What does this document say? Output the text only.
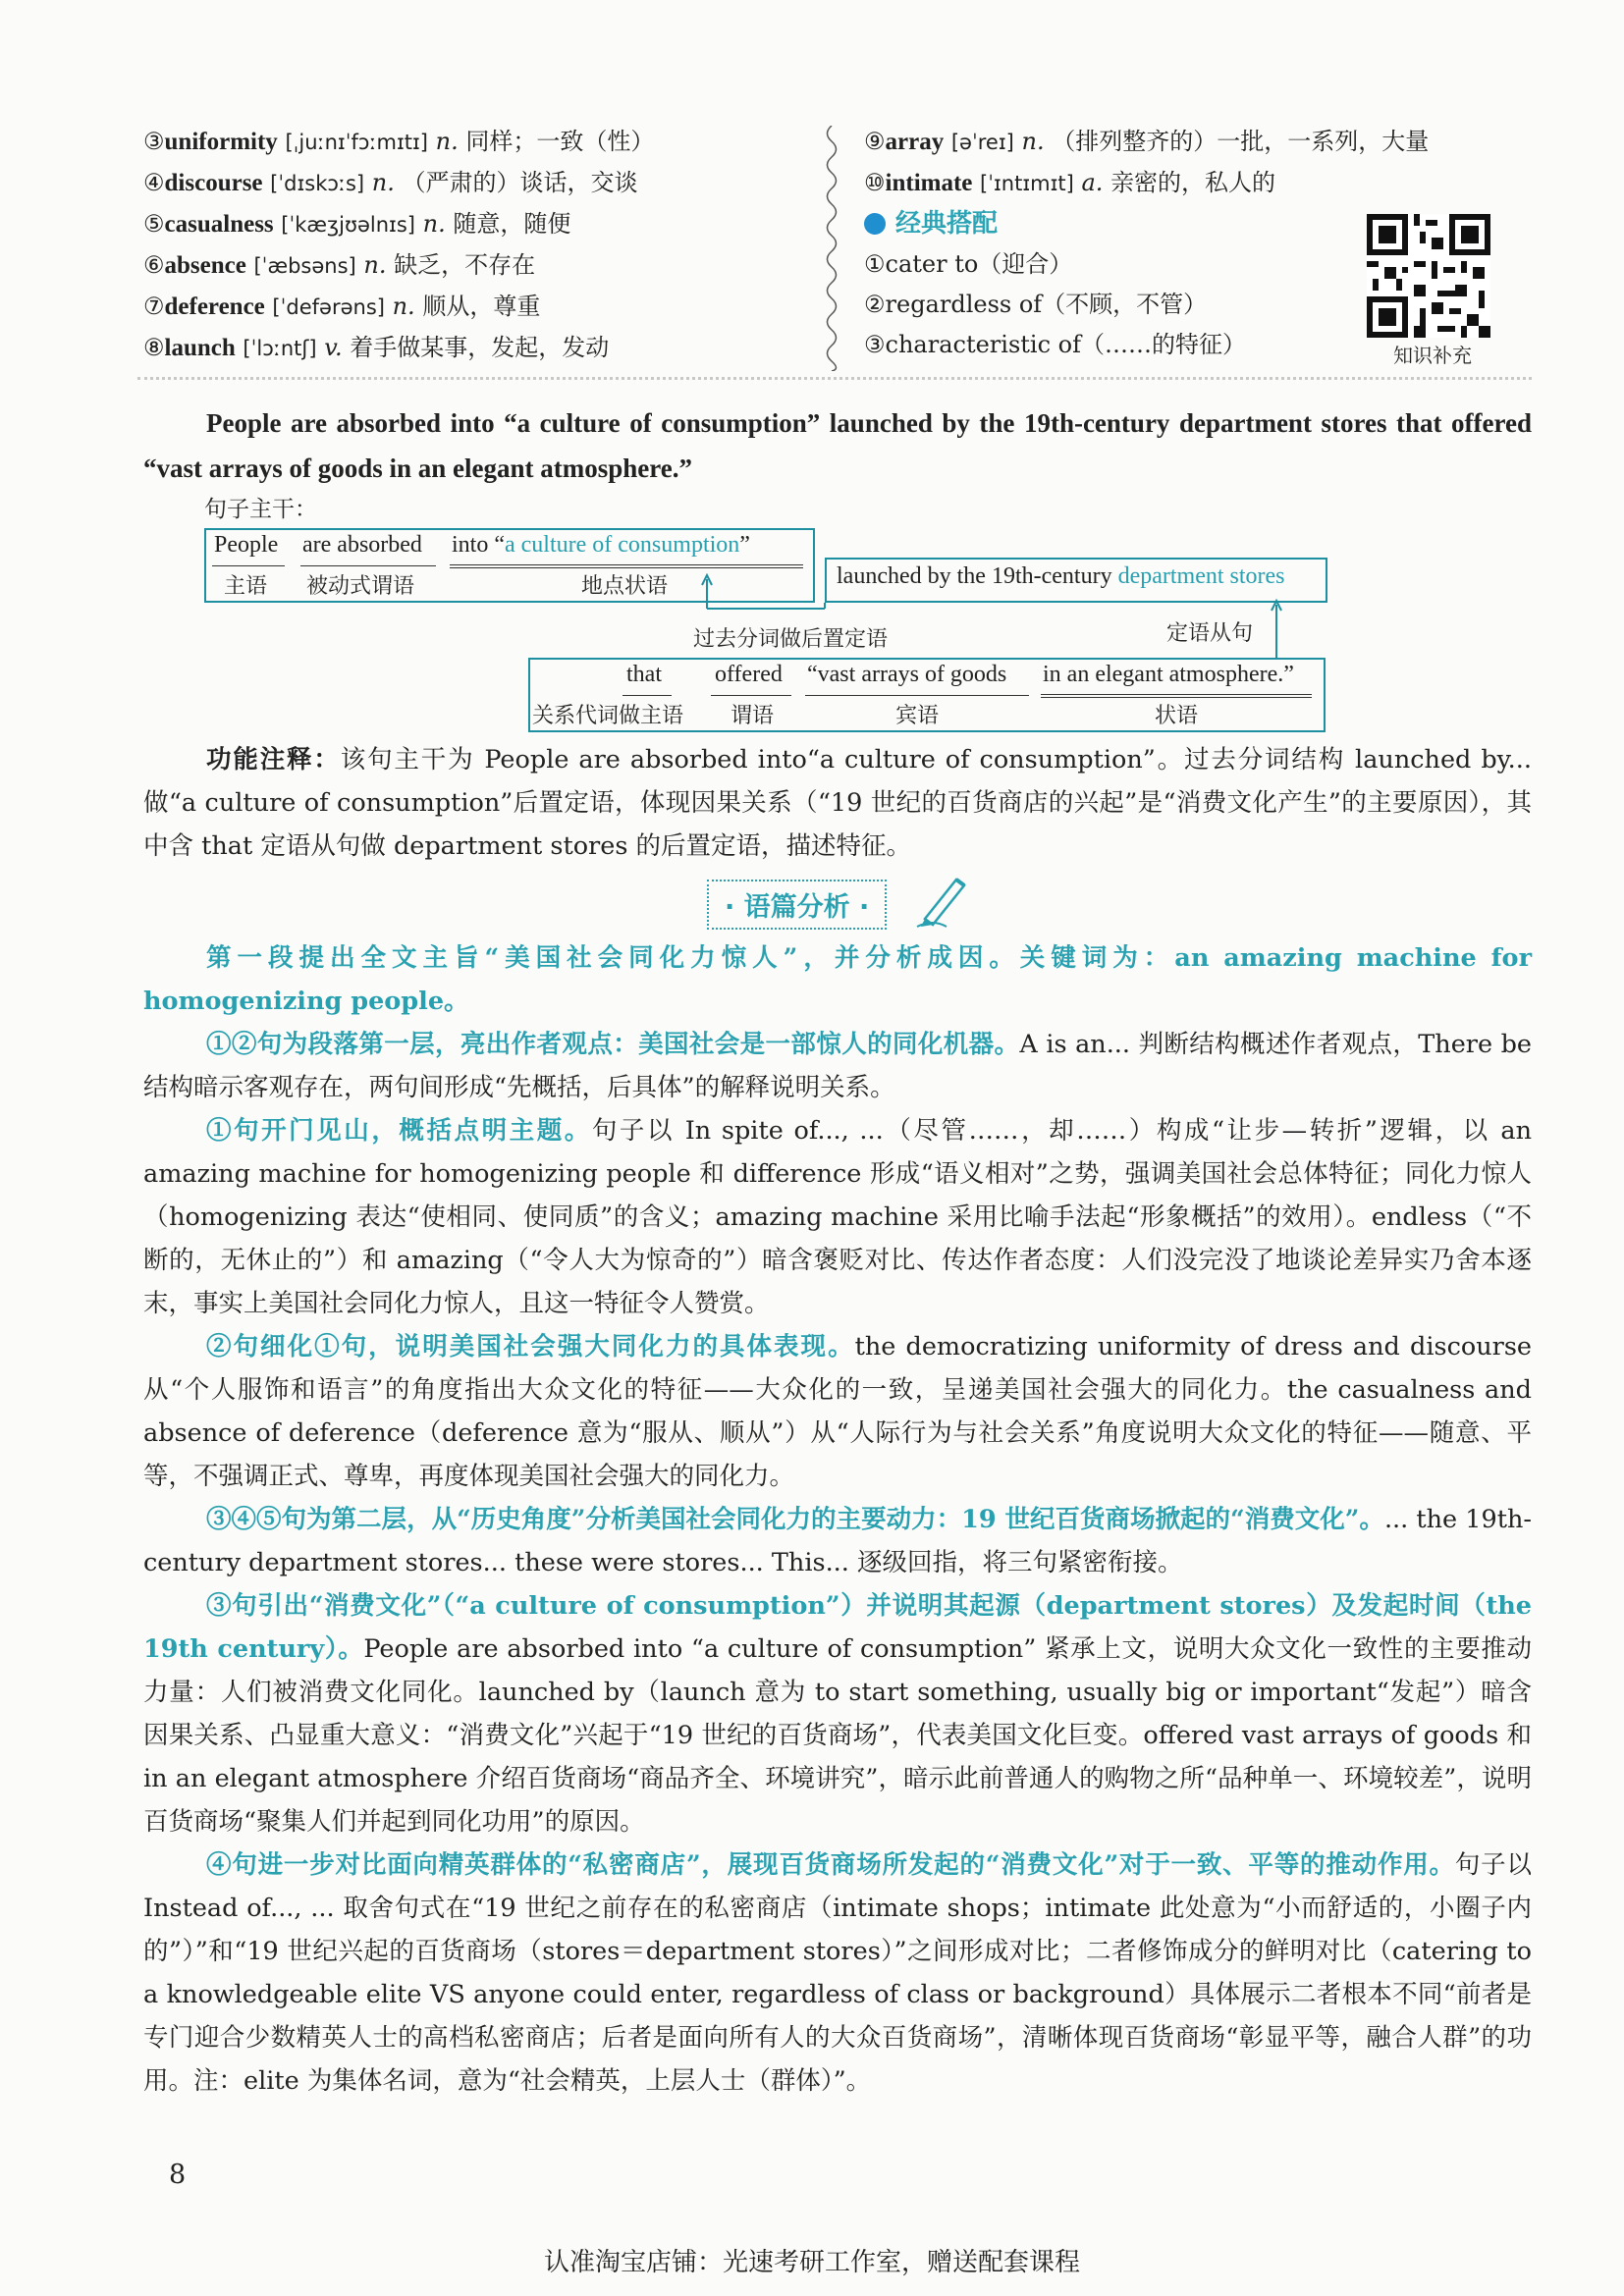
③uniformity [ˌjuːnɪˈfɔːmɪtɪ] n. 同样；一致（性）
④discourse [ˈdɪskɔːs] n. （严肃的）谈话，交谈
⑤casualness [ˈkæʒjʊəlnɪs] n. 随意，随便
⑥absence [ˈæbsəns] n. 缺乏，不存在
⑦deference [ˈdefərəns] n. 顺从，尊重
⑧launch [ˈlɔːntʃ] v. 着手做某事，发起，发动
⑨array [əˈreɪ] n. （排列整齐的）一批，一系列，大量
⑩intimate [ˈɪntɪmɪt] a. 亲密的，私人的
经典搭配
①cater to（迎合）
②regardless of（不顾，不管）
③characteristic of（……的特征）	知识补充
People are absorbed into “a culture of consumption” launched by the 19th-century department stores that offered “vast arrays of goods in an elegant atmosphere.”
句子主干：
People are absorbed into “a culture of consumption”
主语 被动式谓语	地点状语	launched by the 19th-century department stores
过去分词做后置定语	定语从句
that offered “vast arrays of goods in an elegant atmosphere.”
关系代词做主语 谓语	宾语	状语

功能注释：该句主干为 People are absorbed into“a culture of consumption”。过去分词结构 launched by... 做“a culture of consumption”后置定语，体现因果关系（“19 世纪的百货商店的兴起”是“消费文化产生”的主要原因），其中含 that 定语从句做 department stores 的后置定语，描述特征。

· 语篇分析 ·

第一段提出全文主旨“美国社会同化力惊人”，并分析成因。关键词为：an amazing machine for homogenizing people。

①②句为段落第一层，亮出作者观点：美国社会是一部惊人的同化机器。A is an... 判断结构概述作者观点，There be 结构暗示客观存在，两句间形成“先概括，后具体”的解释说明关系。

①句开门见山，概括点明主题。句子以 In spite of..., ...（尽管……，却……）构成“让步—转折”逻辑，以 an amazing machine for homogenizing people 和 difference 形成“语义相对”之势，强调美国社会总体特征；同化力惊人（homogenizing 表达“使相同、使同质”的含义；amazing machine 采用比喻手法起“形象概括”的效用）。endless（“不断的，无休止的”）和 amazing（“令人大为惊奇的”）暗含褒贬对比、传达作者态度：人们没完没了地谈论差异实乃舍本逐末，事实上美国社会同化力惊人，且这一特征令人赞赏。

②句细化①句，说明美国社会强大同化力的具体表现。the democratizing uniformity of dress and discourse 从“个人服饰和语言”的角度指出大众文化的特征——大众化的一致，呈递美国社会强大的同化力。the casualness and absence of deference（deference 意为“服从、顺从”）从“人际行为与社会关系”角度说明大众文化的特征——随意、平等，不强调正式、尊卑，再度体现美国社会强大的同化力。

③④⑤句为第二层，从“历史角度”分析美国社会同化力的主要动力：19 世纪百货商场掀起的“消费文化”。... the 19th-century department stores... these were stores... This... 逐级回指，将三句紧密衔接。

③句引出“消费文化”（“a culture of consumption”）并说明其起源（department stores）及发起时间（the 19th century）。People are absorbed into “a culture of consumption” 紧承上文，说明大众文化一致性的主要推动力量：人们被消费文化同化。launched by（launch 意为 to start something, usually big or important“发起”）暗含因果关系、凸显重大意义：“消费文化”兴起于“19 世纪的百货商场”，代表美国文化巨变。offered vast arrays of goods 和 in an elegant atmosphere 介绍百货商场“商品齐全、环境讲究”，暗示此前普通人的购物之所“品种单一、环境较差”，说明百货商场“聚集人们并起到同化功用”的原因。

④句进一步对比面向精英群体的“私密商店”，展现百货商场所发起的“消费文化”对于一致、平等的推动作用。句子以 Instead of..., ... 取舍句式在“19 世纪之前存在的私密商店（intimate shops；intimate 此处意为“小而舒适的，小圈子内的”）”和“19 世纪兴起的百货商场（stores＝department stores）”之间形成对比；二者修饰成分的鲜明对比（catering to a knowledgeable elite VS anyone could enter, regardless of class or background）具体展示二者根本不同“前者是专门迎合少数精英人士的高档私密商店；后者是面向所有人的大众百货商场”，清晰体现百货商场“彰显平等，融合人群”的功用。注：elite 为集体名词，意为“社会精英，上层人士（群体）”。

8
认准淘宝店铺：光速考研工作室，赠送配套课程
